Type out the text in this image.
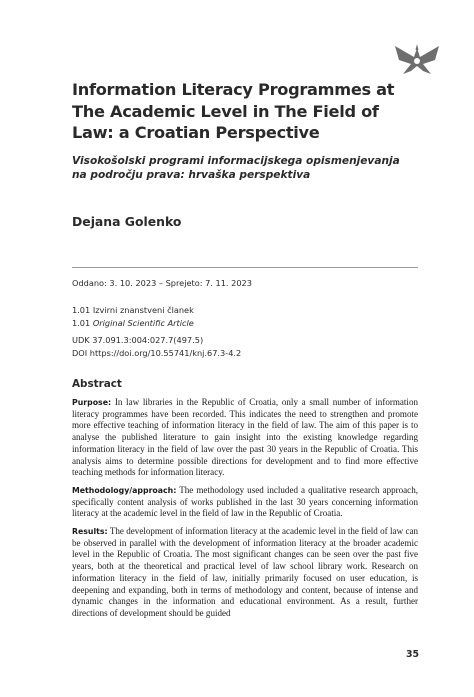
Information Literacy Programmes at The Academic Level in The Field of Law: a Croatian Perspective
Visokošolski programi informacijskega opismenjevanja na področju prava: hrvaška perspektiva
Dejana Golenko
Oddano: 3. 10. 2023 – Sprejeto: 7. 11. 2023
1.01 Izvirni znanstveni članek
1.01 Original Scientific Article
UDK 37.091.3:004:027.7(497.5)
DOI https://doi.org/10.55741/knj.67.3-4.2
Abstract

Purpose: In law libraries in the Republic of Croatia, only a small number of information literacy programmes have been recorded. This indicates the need to strengthen and promote more effective teaching of information literacy in the field of law. The aim of this paper is to analyse the published literature to gain insight into the existing knowledge regarding information literacy in the field of law over the past 30 years in the Republic of Croatia. This analysis aims to determine possible directions for development and to find more effective teaching methods for information literacy.

Methodology/approach: The methodology used included a qualitative research approach, specifically content analysis of works published in the last 30 years concerning information literacy at the academic level in the field of law in the Republic of Croatia.

Results: The development of information literacy at the academic level in the field of law can be observed in parallel with the development of information literacy at the broader academic level in the Republic of Croatia. The most significant changes can be seen over the past five years, both at the theoretical and practical level of law school library work. Research on information literacy in the field of law, initially primarily focused on user education, is deepening and expanding, both in terms of methodology and content, because of intense and dynamic changes in the information and educational environment. As a result, further directions of development should be guided

35
